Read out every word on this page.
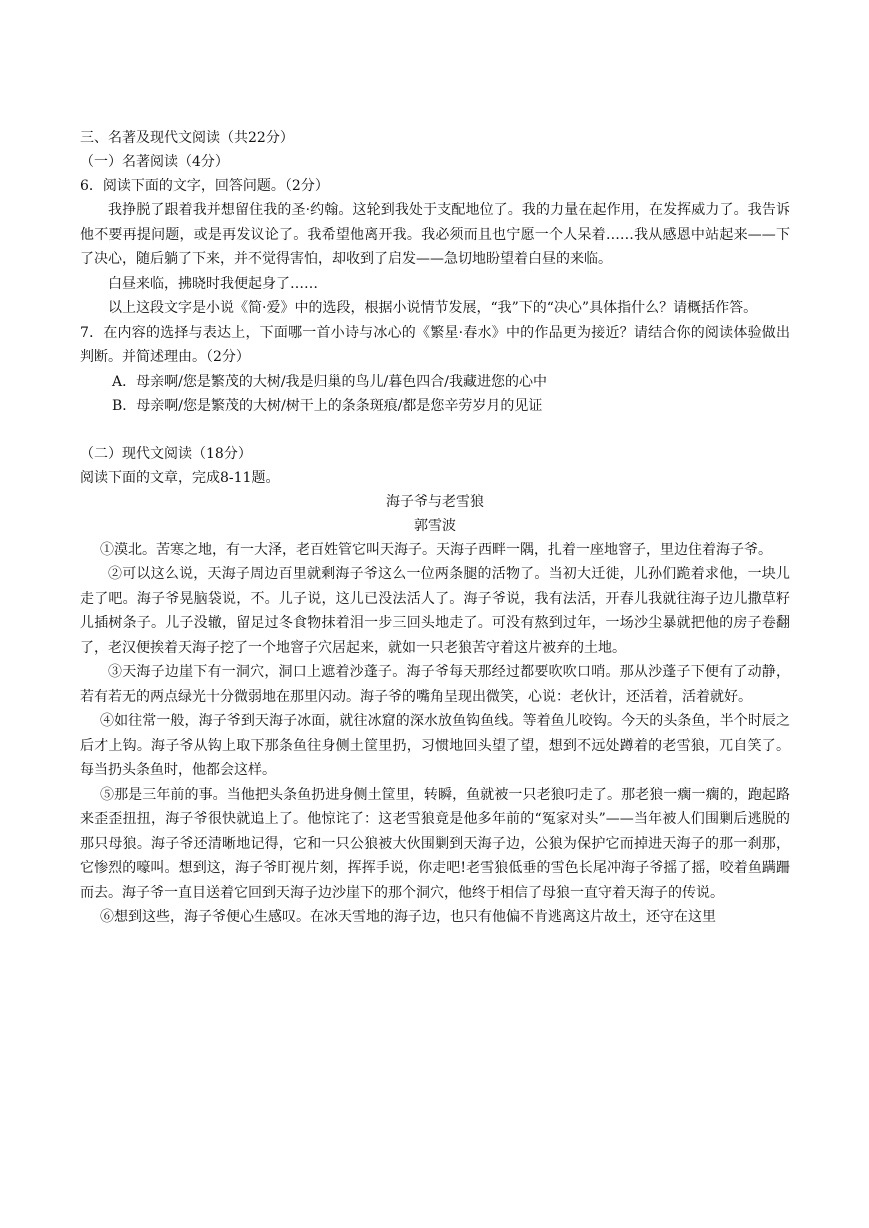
三、名著及现代文阅读（共22分）
（一）名著阅读（4分）
6．阅读下面的文字，回答问题。（2分）

我挣脱了跟着我并想留住我的圣·约翰。这轮到我处于支配地位了。我的力量在起作用，在发挥威力了。我告诉他不要再提问题，或是再发议论了。我希望他离开我。我必须而且也宁愿一个人呆着……我从感恩中站起来——下了决心，随后躺了下来，并不觉得害怕，却收到了启发——急切地盼望着白昼的来临。

白昼来临，拂晓时我便起身了……

以上这段文字是小说《简·爱》中的选段，根据小说情节发展，“我”下的“决心”具体指什么？请概括作答。

7．在内容的选择与表达上，下面哪一首小诗与冰心的《繁星·春水》中的作品更为接近？请结合你的阅读体验做出判断。并简述理由。（2分）

A．母亲啊/您是繁茂的大树/我是归巢的鸟儿/暮色四合/我藏进您的心中
B．母亲啊/您是繁茂的大树/树干上的条条斑痕/都是您辛劳岁月的见证
（二）现代文阅读（18分）
阅读下面的文章，完成8-11题。
海子爷与老雪狼
郭雪波

①漠北。苦寒之地，有一大泽，老百姓管它叫天海子。天海子西畔一隅，扎着一座地窨子，里边住着海子爷。

②可以这么说，天海子周边百里就剩海子爷这么一位两条腿的活物了。当初大迁徙，儿孙们跪着求他，一块儿走了吧。海子爷晃脑袋说，不。儿子说，这儿已没法活人了。海子爷说，我有法活，开春儿我就往海子边儿撒草籽儿插树条子。儿子没辙，留足过冬食物抹着泪一步三回头地走了。可没有熬到过年，一场沙尘暴就把他的房子卷翻了，老汉便挨着天海子挖了一个地窨子穴居起来，就如一只老狼苦守着这片被弃的土地。

③天海子边崖下有一洞穴，洞口上遮着沙蓬子。海子爷每天那经过都要吹吹口哨。那从沙蓬子下便有了动静，若有若无的两点绿光十分微弱地在那里闪动。海子爷的嘴角呈现出微笑，心说：老伙计，还活着，活着就好。

④如往常一般，海子爷到天海子冰面，就往冰窟的深水放鱼钩鱼线。等着鱼儿咬钩。今天的头条鱼，半个时辰之后才上钩。海子爷从钩上取下那条鱼往身侧土筐里扔，习惯地回头望了望，想到不远处蹲着的老雪狼，兀自笑了。每当扔头条鱼时，他都会这样。

⑤那是三年前的事。当他把头条鱼扔进身侧土筐里，转瞬，鱼就被一只老狼叼走了。那老狼一瘸一瘸的，跑起路来歪歪扭扭，海子爷很快就追上了。他惊诧了：这老雪狼竟是他多年前的“冤家对头”——当年被人们围剿后逃脱的那只母狼。海子爷还清晰地记得，它和一只公狼被大伙围剿到天海子边，公狼为保护它而掉进天海子的那一刹那，它惨烈的嚎叫。想到这，海子爷盯视片刻，挥挥手说，你走吧!老雪狼低垂的雪色长尾冲海子爷摇了摇，咬着鱼蹒跚而去。海子爷一直目送着它回到天海子边沙崖下的那个洞穴，他终于相信了母狼一直守着天海子的传说。

⑥想到这些，海子爷便心生感叹。在冰天雪地的海子边，也只有他偏不肯逃离这片故土，还守在这里
